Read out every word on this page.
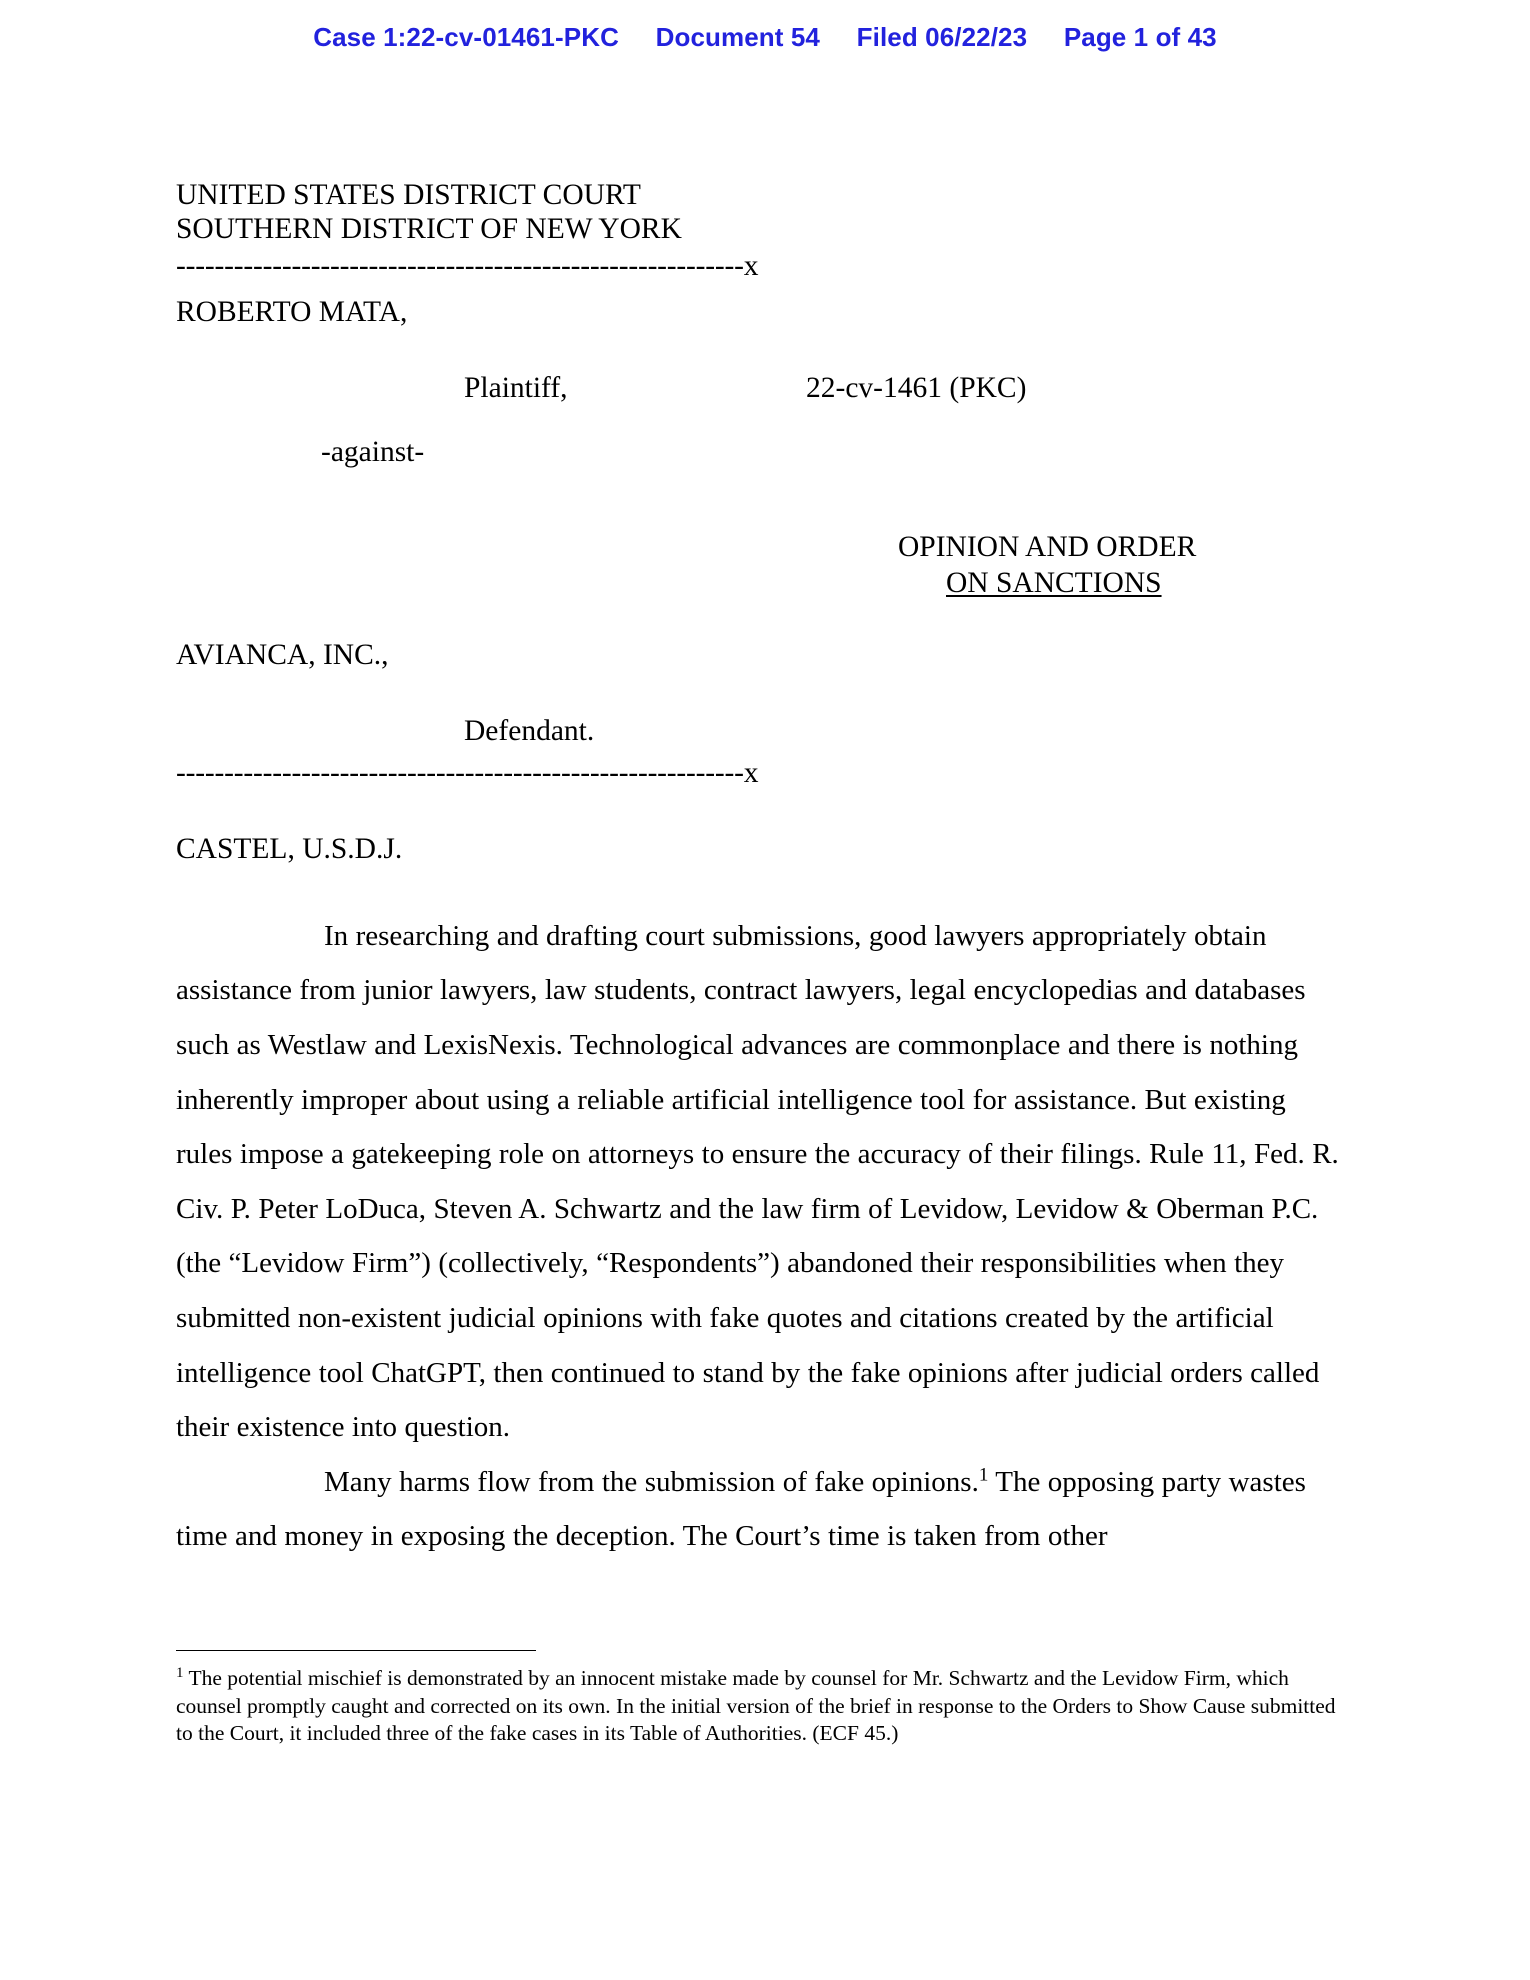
Case 1:22-cv-01461-PKC Document 54 Filed 06/22/23 Page 1 of 43
UNITED STATES DISTRICT COURT
SOUTHERN DISTRICT OF NEW YORK
-----------------------------------------------------------x
ROBERTO MATA,
Plaintiff,	22-cv-1461 (PKC)
-against-
OPINION AND ORDER
ON SANCTIONS
AVIANCA, INC.,
Defendant.
-----------------------------------------------------------x
CASTEL, U.S.D.J.

In researching and drafting court submissions, good lawyers appropriately obtain assistance from junior lawyers, law students, contract lawyers, legal encyclopedias and databases such as Westlaw and LexisNexis. Technological advances are commonplace and there is nothing inherently improper about using a reliable artificial intelligence tool for assistance. But existing rules impose a gatekeeping role on attorneys to ensure the accuracy of their filings. Rule 11, Fed. R. Civ. P. Peter LoDuca, Steven A. Schwartz and the law firm of Levidow, Levidow & Oberman P.C. (the “Levidow Firm”) (collectively, “Respondents”) abandoned their responsibilities when they submitted non-existent judicial opinions with fake quotes and citations created by the artificial intelligence tool ChatGPT, then continued to stand by the fake opinions after judicial orders called their existence into question.

Many harms flow from the submission of fake opinions.$^1$ The opposing party wastes time and money in exposing the deception. The Court’s time is taken from other

$^1$ The potential mischief is demonstrated by an innocent mistake made by counsel for Mr. Schwartz and the Levidow Firm, which counsel promptly caught and corrected on its own. In the initial version of the brief in response to the Orders to Show Cause submitted to the Court, it included three of the fake cases in its Table of Authorities. (ECF 45.)
